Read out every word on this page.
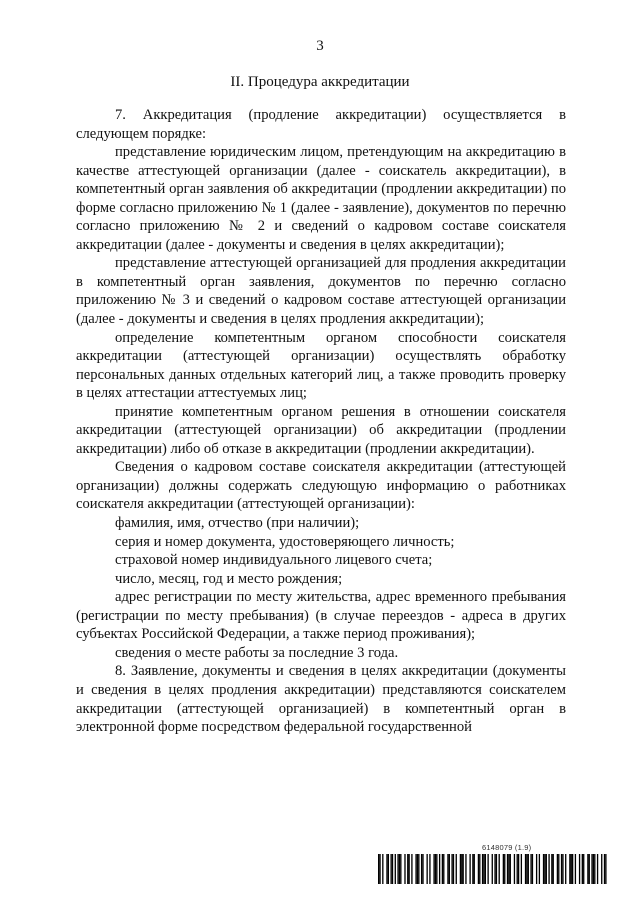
3
II. Процедура аккредитации

7. Аккредитация (продление аккредитации) осуществляется в следующем порядке:

представление юридическим лицом, претендующим на аккредитацию в качестве аттестующей организации (далее - соискатель аккредитации), в компетентный орган заявления об аккредитации (продлении аккредитации) по форме согласно приложению № 1 (далее - заявление), документов по перечню согласно приложению № 2 и сведений о кадровом составе соискателя аккредитации (далее - документы и сведения в целях аккредитации);

представление аттестующей организацией для продления аккредитации в компетентный орган заявления, документов по перечню согласно приложению № 3 и сведений о кадровом составе аттестующей организации (далее - документы и сведения в целях продления аккредитации);

определение компетентным органом способности соискателя аккредитации (аттестующей организации) осуществлять обработку персональных данных отдельных категорий лиц, а также проводить проверку в целях аттестации аттестуемых лиц;

принятие компетентным органом решения в отношении соискателя аккредитации (аттестующей организации) об аккредитации (продлении аккредитации) либо об отказе в аккредитации (продлении аккредитации).

Сведения о кадровом составе соискателя аккредитации (аттестующей организации) должны содержать следующую информацию о работниках соискателя аккредитации (аттестующей организации):

фамилия, имя, отчество (при наличии);

серия и номер документа, удостоверяющего личность;

страховой номер индивидуального лицевого счета;

число, месяц, год и место рождения;

адрес регистрации по месту жительства, адрес временного пребывания (регистрации по месту пребывания) (в случае переездов - адреса в других субъектах Российской Федерации, а также период проживания);

сведения о месте работы за последние 3 года.

8. Заявление, документы и сведения в целях аккредитации (документы и сведения в целях продления аккредитации) представляются соискателем аккредитации (аттестующей организацией) в компетентный орган в электронной форме посредством федеральной государственной

6148079 (1.9)
